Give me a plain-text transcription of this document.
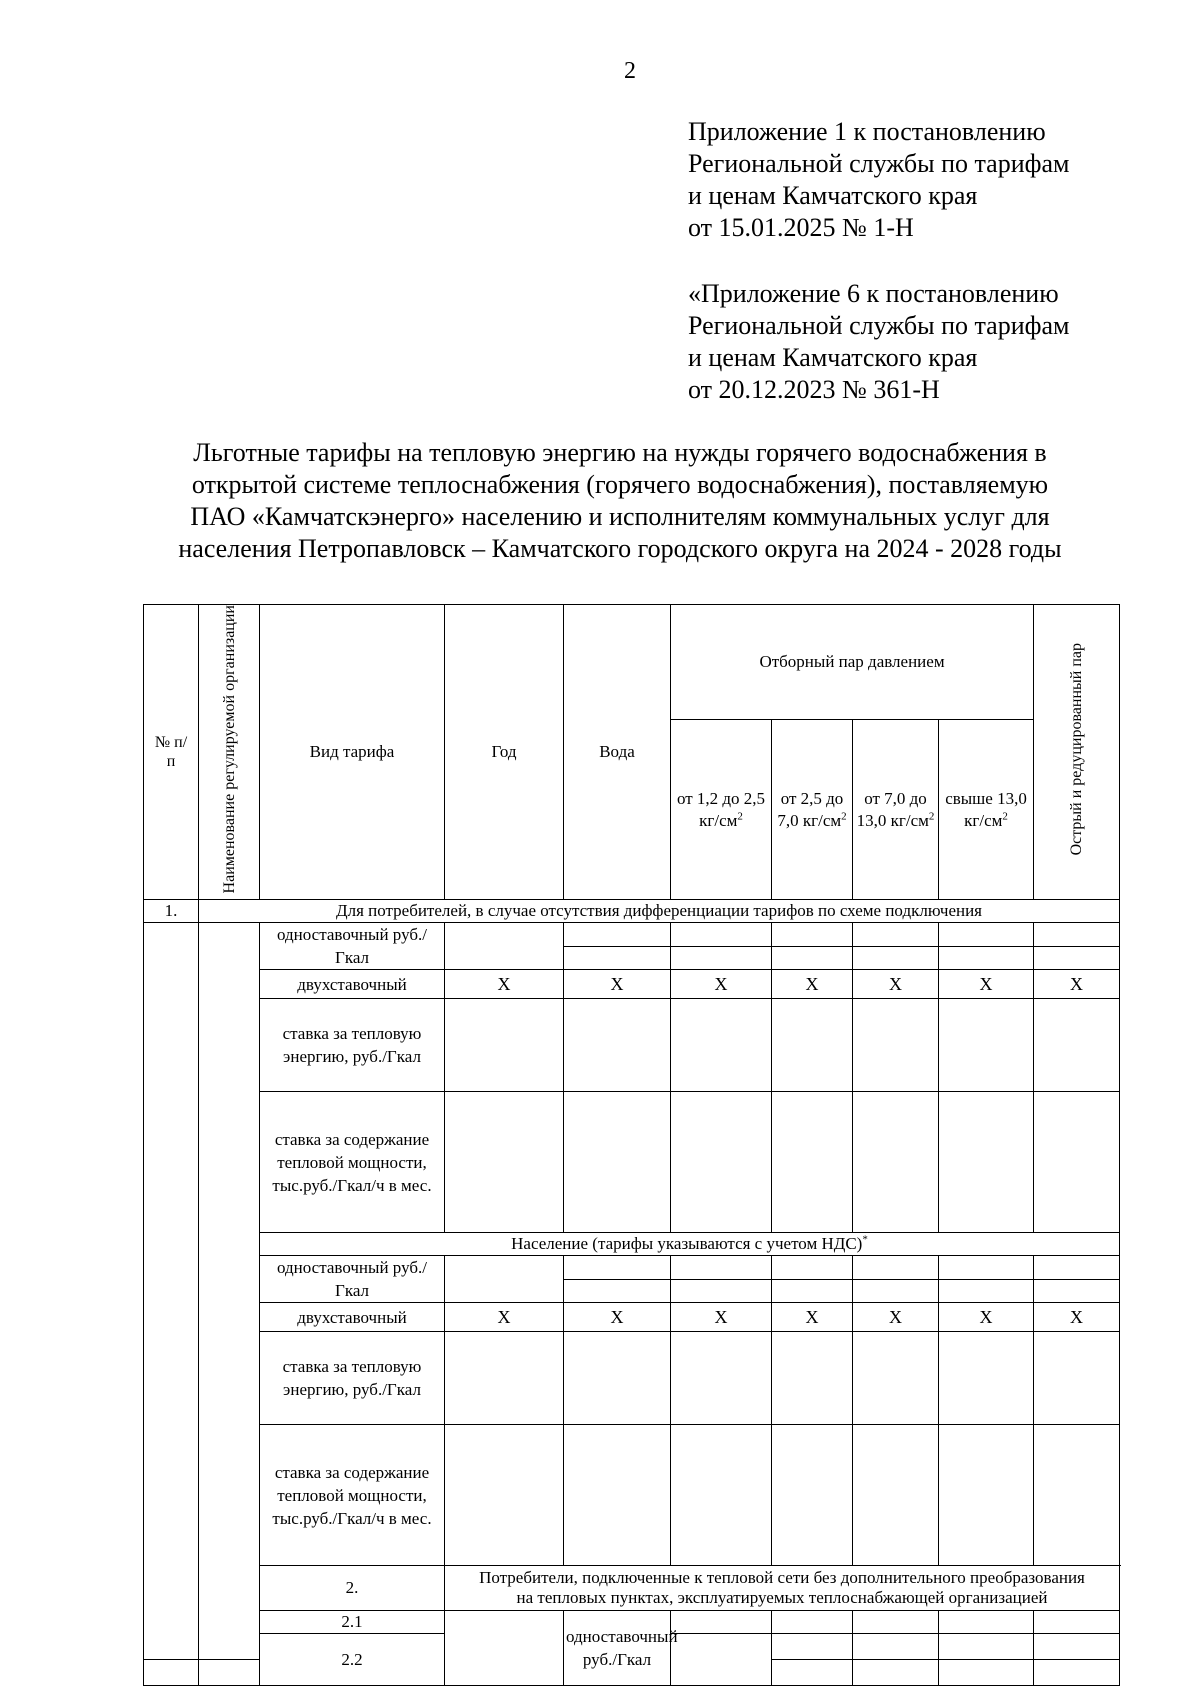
2
Приложение 1 к постановлению
Региональной службы по тарифам
и ценам Камчатского края
от 15.01.2025 № 1-Н
«Приложение 6 к постановлению
Региональной службы по тарифам
и ценам Камчатского края
от 20.12.2023 № 361-Н
Льготные тарифы на тепловую энергию на нужды горячего водоснабжения в
открытой системе теплоснабжения (горячего водоснабжения), поставляемую
ПАО «Камчатскэнерго» населению и исполнителям коммунальных услуг для
населения Петропавловск – Камчатского городского округа на 2024 - 2028 годы
№ п/п	Наименование регулируемой организации	Вид тарифа	Год	Вода	Отборный пар давлением				Острый и редуцированный пар	
					от 1,2 до 2,5 $кг/см^2$	от 2,5 до 7,0 $кг/см^2$	от 7,0 до 13,0 $кг/см^2$	свыше 13,0 $кг/см^2$
1.	Для потребителей, в случае отсутствия дифференциации тарифов по схеме подключения									
		одноставочный руб./Гкал								

		двухставочный	X	X	X	X	X	X	X	
		ставка за тепловую энергию, руб./Гкал								
		ставка за содержание тепловой мощности, тыс.руб./Гкал/ч в мес.								
		Население (тарифы указываются с учетом НДС)*
		одноставочный руб./Гкал								

		двухставочный	X	X	X	X	X	X	X	
		ставка за тепловую энергию, руб./Гкал								
		ставка за содержание тепловой мощности, тыс.руб./Гкал/ч в мес.								
		2.	Потребители, подключенные к тепловой сети без дополнительного преобразования
на тепловых пунктах, эксплуатируемых теплоснабжающей организацией							

		2.1		одноставочный руб./Гкал							
		2.2								
